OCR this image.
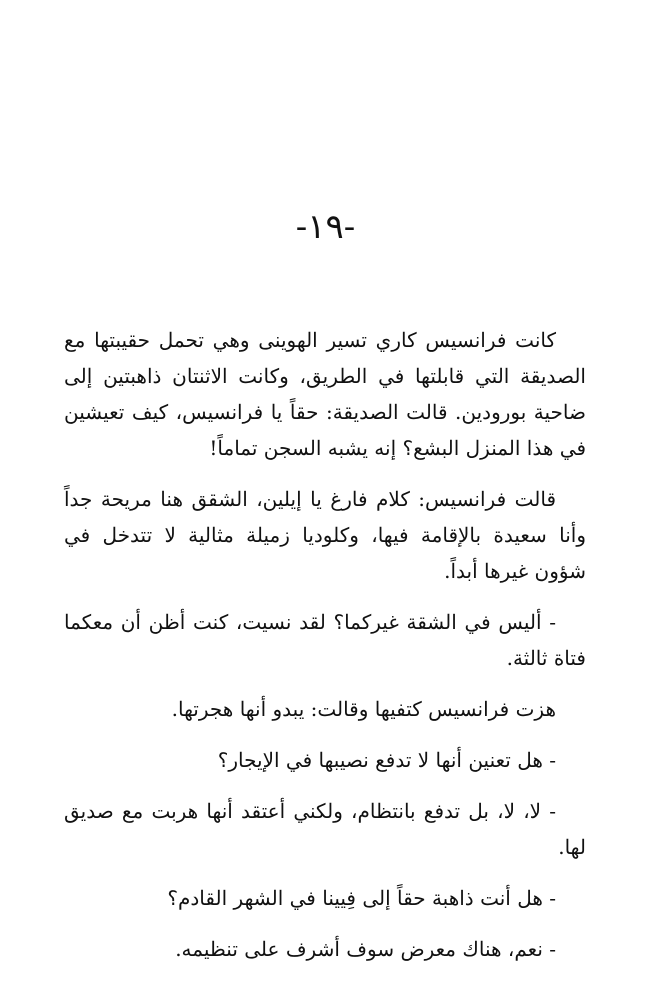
-١٩-

كانت فرانسيس كاري تسير الهوينى وهي تحمل حقيبتها مع الصديقة التي قابلتها في الطريق، وكانت الاثنتان ذاهبتين إلى ضاحية بورودين. قالت الصديقة: حقاً يا فرانسيس، كيف تعيشين في هذا المنزل البشع؟ إنه يشبه السجن تماماً!

قالت فرانسيس: كلام فارغ يا إيلين، الشقق هنا مريحة جداً وأنا سعيدة بالإقامة فيها، وكلوديا زميلة مثالية لا تتدخل في شؤون غيرها أبداً.

- أليس في الشقة غيركما؟ لقد نسيت، كنت أظن أن معكما فتاة ثالثة.

هزت فرانسيس كتفيها وقالت: يبدو أنها هجرتها.

- هل تعنين أنها لا تدفع نصيبها في الإيجار؟

- لا، لا، بل تدفع بانتظام، ولكني أعتقد أنها هربت مع صديق لها.

- هل أنت ذاهبة حقاً إلى فِيينا في الشهر القادم؟

- نعم، هناك معرض سوف أشرف على تنظيمه.
